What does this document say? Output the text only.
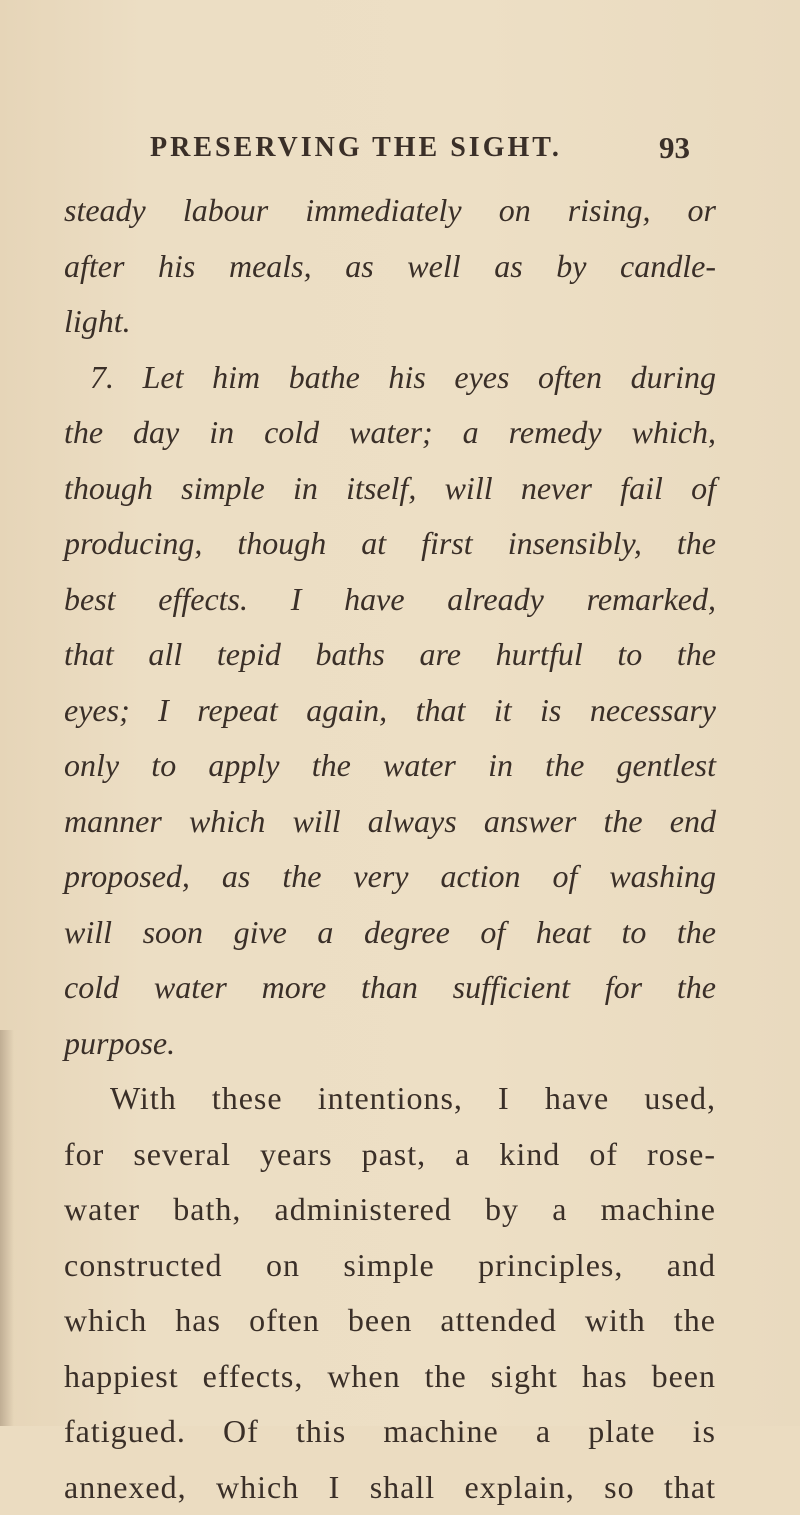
PRESERVING THE SIGHT.	93
steady labour immediately on rising, or
after his meals, as well as by candle-
light.
7. Let him bathe his eyes often during
the day in cold water; a remedy which,
though simple in itself, will never fail of
producing, though at first insensibly, the
best effects. I have already remarked,
that all tepid baths are hurtful to the
eyes; I repeat again, that it is necessary
only to apply the water in the gentlest
manner which will always answer the end
proposed, as the very action of washing
will soon give a degree of heat to the
cold water more than sufficient for the
purpose.
With these intentions, I have used,
for several years past, a kind of rose-
water bath, administered by a machine
constructed on simple principles, and
which has often been attended with the
happiest effects, when the sight has been
fatigued. Of this machine a plate is
annexed, which I shall explain, so that
